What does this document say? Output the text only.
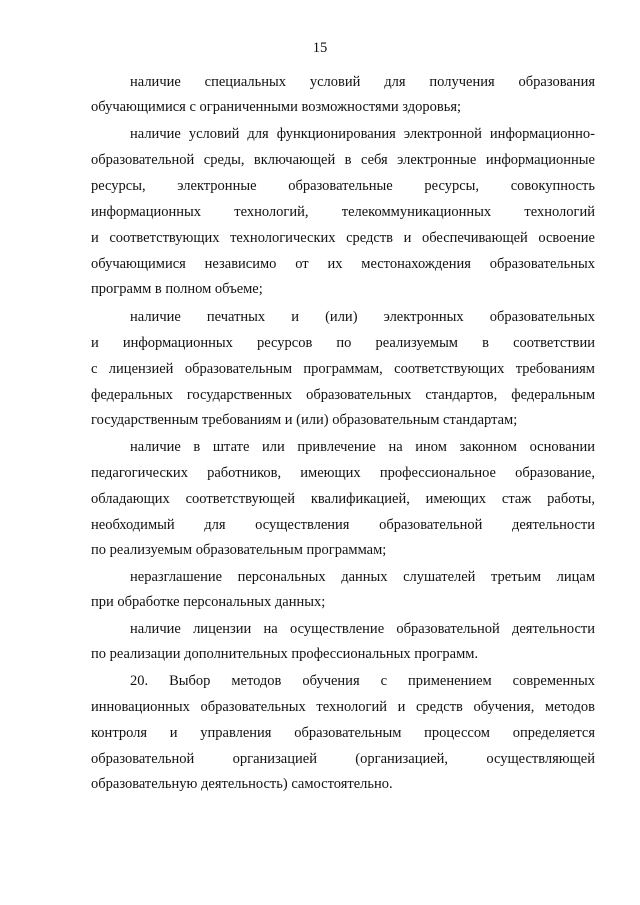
15
наличие специальных условий для получения образования
обучающимися с ограниченными возможностями здоровья;
наличие условий для функционирования электронной информационно-
образовательной среды, включающей в себя электронные информационные
ресурсы, электронные образовательные ресурсы, совокупность
информационных технологий, телекоммуникационных технологий
и соответствующих технологических средств и обеспечивающей освоение
обучающимися независимо от их местонахождения образовательных
программ в полном объеме;
наличие печатных и (или) электронных образовательных
и информационных ресурсов по реализуемым в соответствии
с лицензией образовательным программам, соответствующих требованиям
федеральных государственных образовательных стандартов, федеральным
государственным требованиям и (или) образовательным стандартам;
наличие в штате или привлечение на ином законном основании
педагогических работников, имеющих профессиональное образование,
обладающих соответствующей квалификацией, имеющих стаж работы,
необходимый для осуществления образовательной деятельности
по реализуемым образовательным программам;
неразглашение персональных данных слушателей третьим лицам
при обработке персональных данных;
наличие лицензии на осуществление образовательной деятельности
по реализации дополнительных профессиональных программ.
20. Выбор методов обучения с применением современных
инновационных образовательных технологий и средств обучения, методов
контроля и управления образовательным процессом определяется
образовательной организацией (организацией, осуществляющей
образовательную деятельность) самостоятельно.
